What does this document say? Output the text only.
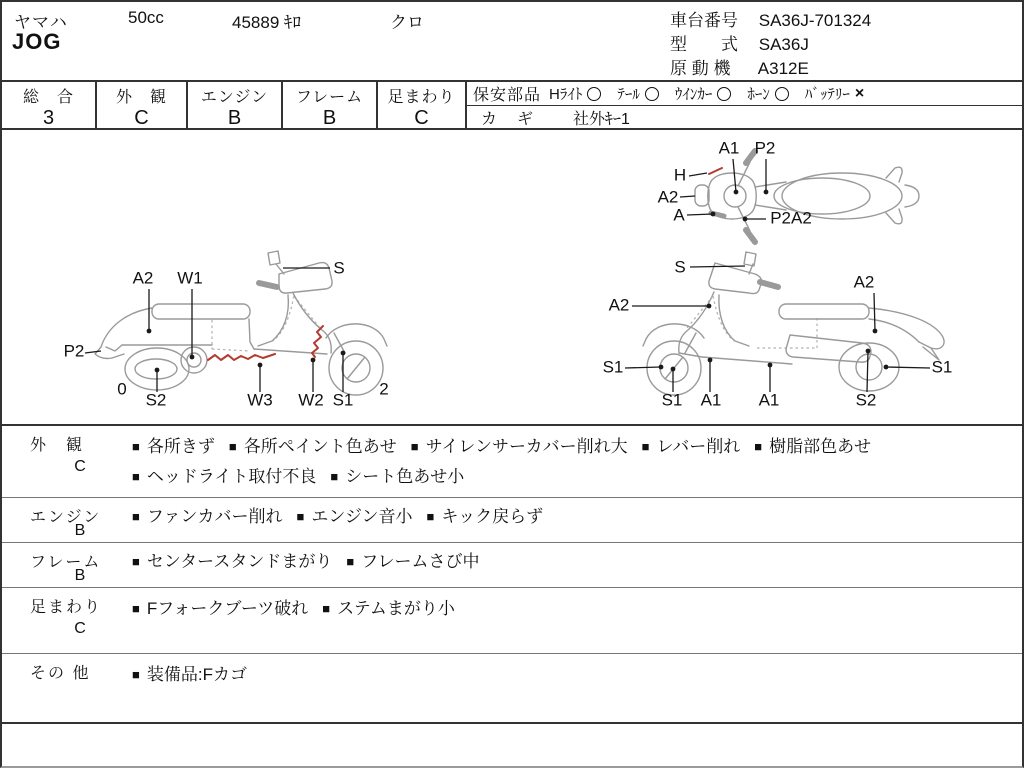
ヤマハ
JOG
50cc	45889 ｷﾛ	クロ	車台番号 SA36J-701324
型　　式 SA36J
原 動 機 A312E
総　合
3
外　観
C
エンジン
B
フレーム
B
足まわり
C
保安部品 Hﾗｲﾄ ﾃｰﾙ ｳｲﾝｶｰ ﾎｰﾝ ﾊﾞｯﾃﾘｰ ×
カ　ギ 社外ｷｰ1
A1 P2
H
A2
A	P2A2
A2 W1
S
P2
0
S2	W3 W2 S1
2
S
A2
A2
S1
S1 A1 A1	S2
S1
外　観
C
■ 各所きず ■ 各所ペイント色あせ ■ サイレンサーカバー削れ大 ■ レバー削れ ■ 樹脂部色あせ■ ヘッドライト取付不良 ■ シート色あせ小
エンジン
B
■ ファンカバー削れ ■ エンジン音小 ■ キック戻らず
フレーム
B
■ センタースタンドまがり ■ フレームさび中
足まわり
C
■ Fフォークブーツ破れ ■ ステムまがり小
その 他	■ 装備品:Fカゴ
